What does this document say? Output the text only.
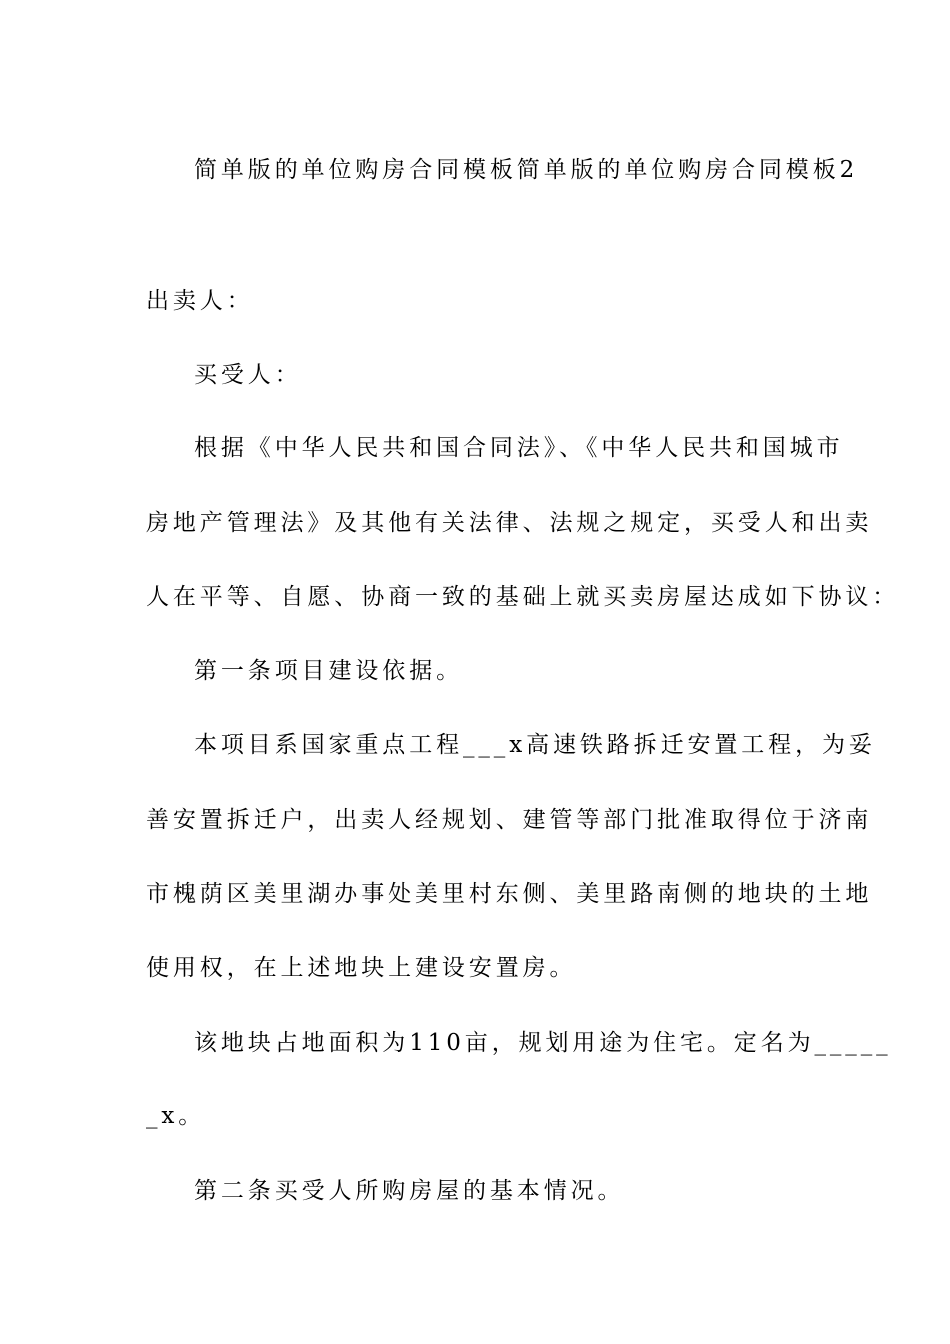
简单版的单位购房合同模板简单版的单位购房合同模板2
出卖人：
买受人：
根据《中华人民共和国合同法》、《中华人民共和国城市
房地产管理法》及其他有关法律、法规之规定，买受人和出卖
人在平等、自愿、协商一致的基础上就买卖房屋达成如下协议：
第一条项目建设依据。
本项目系国家重点工程___x高速铁路拆迁安置工程，为妥
善安置拆迁户，出卖人经规划、建管等部门批准取得位于济南
市槐荫区美里湖办事处美里村东侧、美里路南侧的地块的土地
使用权，在上述地块上建设安置房。
该地块占地面积为110亩，规划用途为住宅。定名为_____
_x。
第二条买受人所购房屋的基本情况。
